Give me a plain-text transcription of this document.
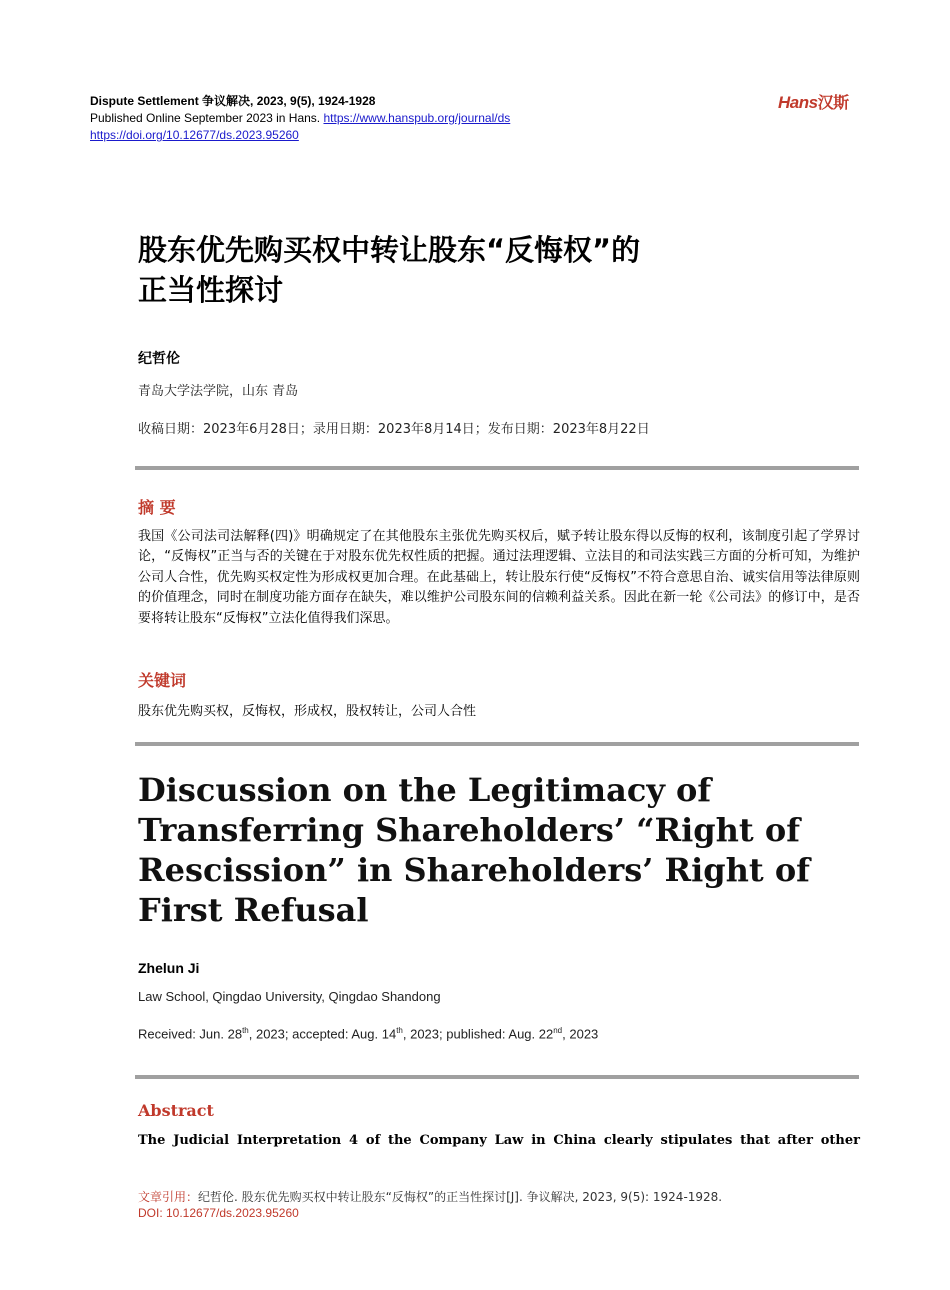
Dispute Settlement 争议解决, 2023, 9(5), 1924-1928
Published Online September 2023 in Hans. https://www.hanspub.org/journal/ds
https://doi.org/10.12677/ds.2023.95260
Hans汉斯
股东优先购买权中转让股东“反悔权”的
正当性探讨
纪哲伦
青岛大学法学院，山东 青岛
收稿日期：2023年6月28日；录用日期：2023年8月14日；发布日期：2023年8月22日
摘 要
我国《公司法司法解释(四)》明确规定了在其他股东主张优先购买权后，赋予转让股东得以反悔的权利，该制度引起了学界讨论，“反悔权”正当与否的关键在于对股东优先权性质的把握。通过法理逻辑、立法目的和司法实践三方面的分析可知，为维护公司人合性，优先购买权定性为形成权更加合理。在此基础上，转让股东行使“反悔权”不符合意思自治、诚实信用等法律原则的价值理念，同时在制度功能方面存在缺失，难以维护公司股东间的信赖利益关系。因此在新一轮《公司法》的修订中，是否要将转让股东“反悔权”立法化值得我们深思。
关键词
股东优先购买权，反悔权，形成权，股权转让，公司人合性
Discussion on the Legitimacy of Transferring Shareholders’ “Right of Rescission” in Shareholders’ Right of First Refusal
Zhelun Ji
Law School, Qingdao University, Qingdao Shandong
Received: Jun. 28th, 2023; accepted: Aug. 14th, 2023; published: Aug. 22nd, 2023
Abstract
The Judicial Interpretation 4 of the Company Law in China clearly stipulates that after other
文章引用：纪哲伦. 股东优先购买权中转让股东“反悔权”的正当性探讨[J]. 争议解决, 2023, 9(5): 1924-1928.
DOI: 10.12677/ds.2023.95260
